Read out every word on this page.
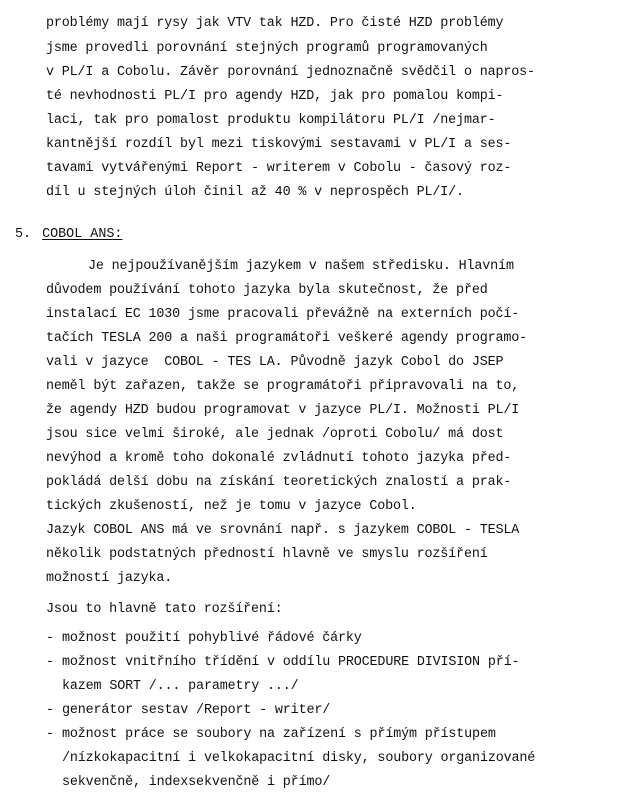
problémy mají rysy jak VTV tak HZD. Pro čisté HZD problémy
jsme provedli porovnání stejných programů programovaných
v PL/I a Cobolu. Závěr porovnání jednoznačně svědčil o napros-
té nevhodnosti PL/I pro agendy HZD, jak pro pomalou kompi-
laci, tak pro pomalost produktu kompilátoru PL/I /nejmar-
kantnější rozdíl byl mezi tiskovými sestavami v PL/I a ses-
tavami vytvářenými Report - writerem v Cobolu - časový roz-
díl u stejných úloh činil až 40 % v neprospěch PL/I/.
5. COBOL ANS:
Je nejpoužívanějším jazykem v našem středisku. Hlavním
důvodem používání tohoto jazyka byla skutečnost, že před
instalací EC 1030 jsme pracovali převážně na externích počí-
tačích TESLA 200 a naši programátoři veškeré agendy programo-
vali v jazyce  COBOL - TES LA. Původně jazyk Cobol do JSEP
neměl být zařazen, takže se programátoři připravovali na to,
že agendy HZD budou programovat v jazyce PL/I. Možnosti PL/I
jsou sice velmi široké, ale jednak /oproti Cobolu/ má dost
nevýhod a kromě toho dokonalé zvládnutí tohoto jazyka před-
pokládá delší dobu na získání teoretických znalostí a prak-
tických zkušeností, než je tomu v jazyce Cobol.
Jazyk COBOL ANS má ve srovnání např. s jazykem COBOL - TESLA
několik podstatných předností hlavně ve smyslu rozšíření
možností jazyka.
Jsou to hlavně tato rozšíření:
- možnost použití pohyblivé řádové čárky
- možnost vnitřního třídění v oddílu PROCEDURE DIVISION pří-
kazem SORT /... parametry .../
- generátor sestav /Report - writer/
- možnost práce se soubory na zařízení s přímým přístupem
/nízkokapacitní i velkokapacitní disky, soubory organizované
sekvenčně, indexsekvenčně i přímo/
